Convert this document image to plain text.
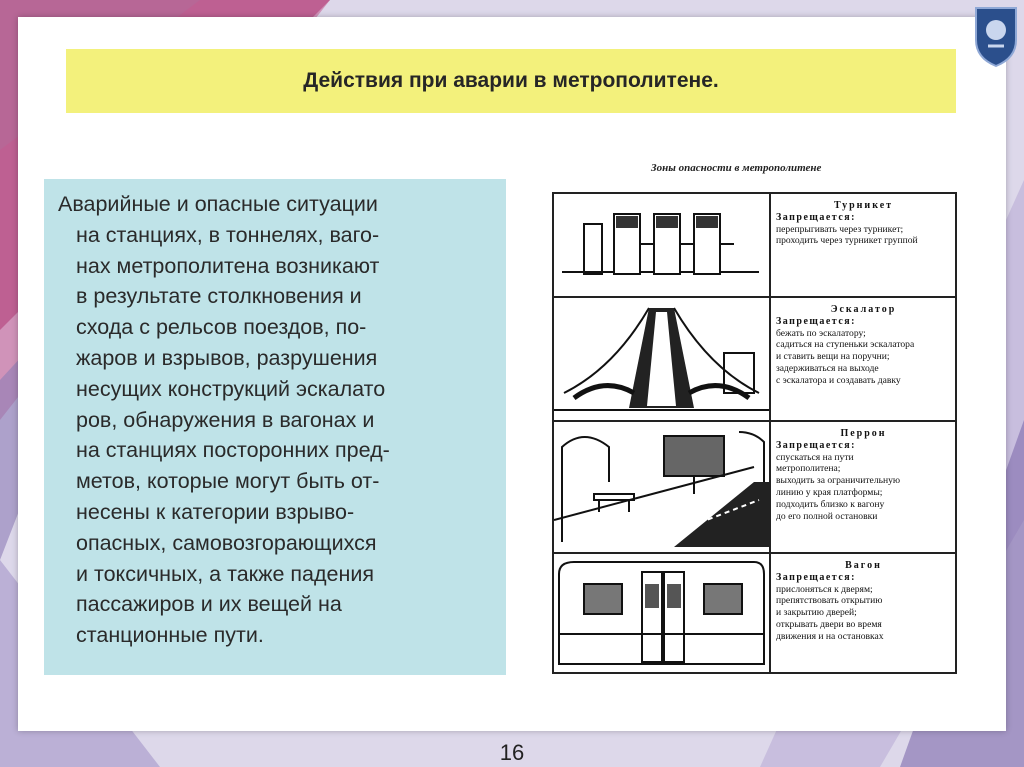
Действия при аварии в метрополитене.
Аварийные и опасные ситуации
на станциях, в тоннелях, ваго-
нах метрополитена возникают
в результате столкновения и
схода с рельсов поездов, по-
жаров и взрывов, разрушения
несущих конструкций эскалато
ров, обнаружения в вагонах и
на станциях посторонних пред-
метов, которые могут быть от-
несены к категории взрыво-
опасных, самовозгорающихся
и токсичных, а также падения
пассажиров и их вещей на
станционные пути.
Зоны опасности в метрополитене
Турникет
Запрещается:
перепрыгивать через турникет;
проходить через турникет группой
Эскалатор
Запрещается:
бежать по эскалатору;
садиться на ступеньки эскалатора
и ставить вещи на поручни;
задерживаться на выходе
с эскалатора и создавать давку
Перрон
Запрещается:
спускаться на пути
метрополитена;
выходить за ограничительную
линию у края платформы;
подходить близко к вагону
до его полной остановки
Вагон
Запрещается:
прислоняться к дверям;
препятствовать открытию
и закрытию дверей;
открывать двери во время
движения и на остановках
16
